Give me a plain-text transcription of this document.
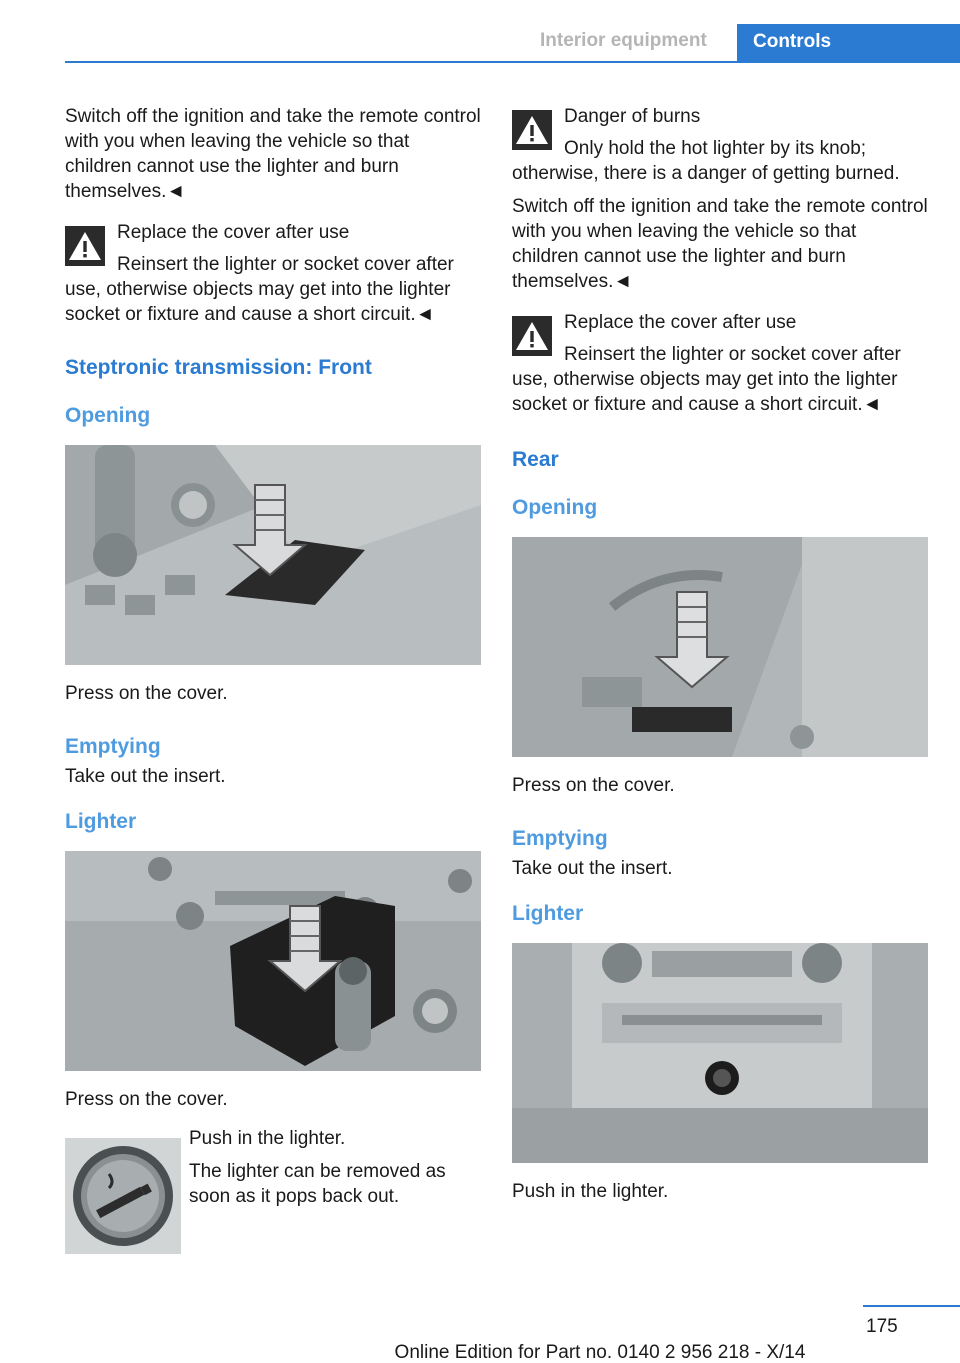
Interior equipment Controls

Switch off the ignition and take the remote control with you when leaving the vehicle so that children cannot use the lighter and burn themselves.◄

Replace the cover after use

Reinsert the lighter or socket cover after use, otherwise objects may get into the lighter socket or fixture and cause a short circuit.◄

Steptronic transmission: Front
Opening

Press on the cover.

Emptying

Take out the insert.

Lighter

Press on the cover.

Push in the lighter.

The lighter can be removed as soon as it pops back out.

Danger of burns

Only hold the hot lighter by its knob; otherwise, there is a danger of getting burned.

Switch off the ignition and take the remote control with you when leaving the vehicle so that children cannot use the lighter and burn themselves.◄

Replace the cover after use

Reinsert the lighter or socket cover after use, otherwise objects may get into the lighter socket or fixture and cause a short circuit.◄

Rear
Opening

Press on the cover.

Emptying

Take out the insert.

Lighter

Push in the lighter.

175
Online Edition for Part no. 0140 2 956 218 - X/14
